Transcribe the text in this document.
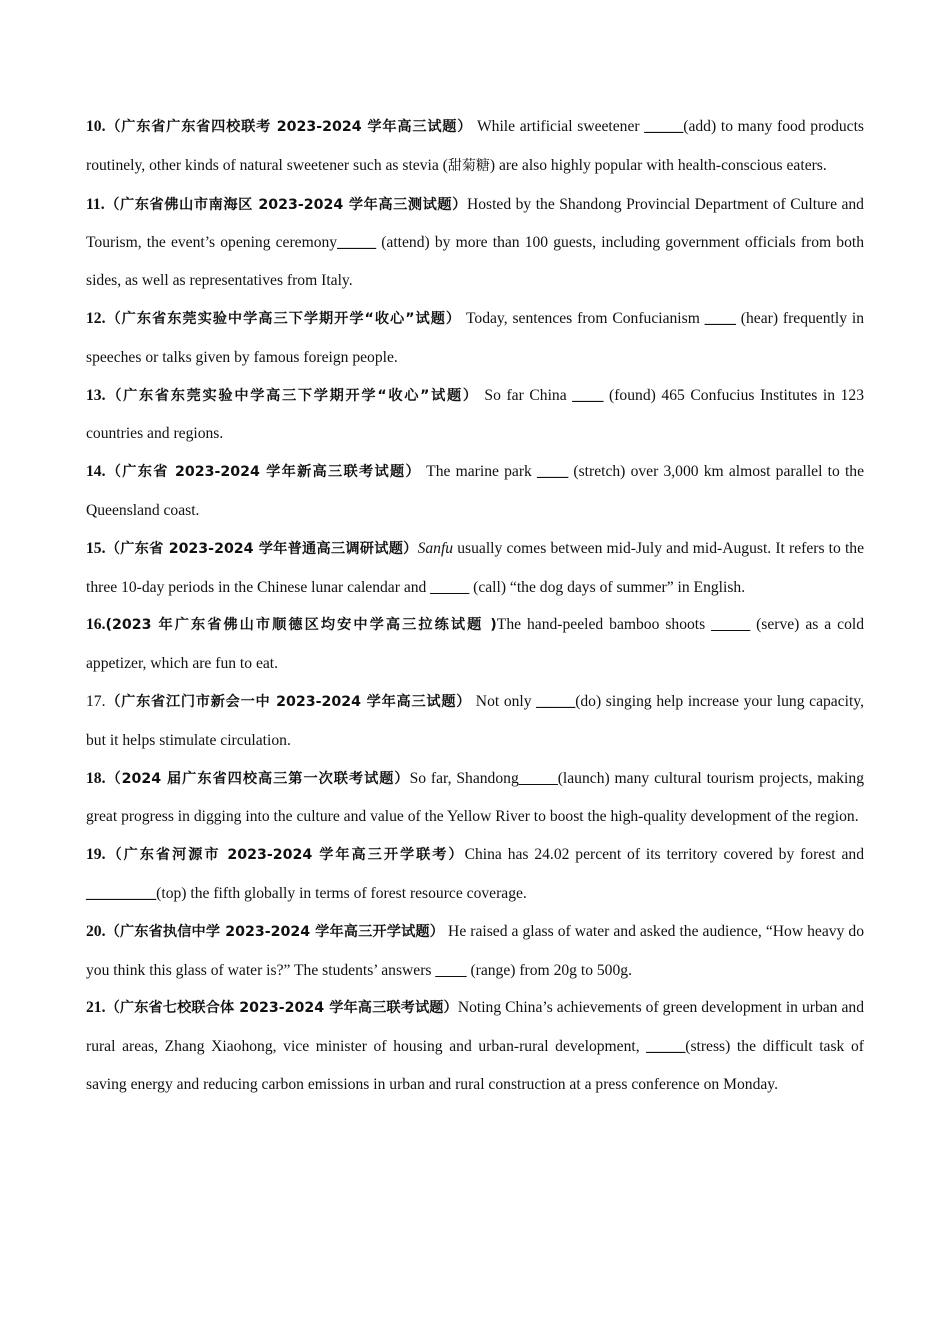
10.（广东省广东省四校联考 2023-2024 学年高三试题） While artificial sweetener _____(add) to many food products routinely, other kinds of natural sweetener such as stevia (甜菊糖) are also highly popular with health-conscious eaters.

11.（广东省佛山市南海区 2023-2024 学年高三测试题）Hosted by the Shandong Provincial Department of Culture and Tourism, the event’s opening ceremony_____ (attend) by more than 100 guests, including government officials from both sides, as well as representatives from Italy.

12.（广东省东莞实验中学高三下学期开学“收心”试题） Today, sentences from Confucianism ____ (hear) frequently in speeches or talks given by famous foreign people.

13.（广东省东莞实验中学高三下学期开学“收心”试题） So far China ____ (found) 465 Confucius Institutes in 123 countries and regions.

14.（广东省 2023-2024 学年新高三联考试题） The marine park ____ (stretch) over 3,000 km almost parallel to the Queensland coast.

15.（广东省 2023-2024 学年普通高三调研试题）Sanfu usually comes between mid-July and mid-August. It refers to the three 10-day periods in the Chinese lunar calendar and _____ (call) “the dog days of summer” in English.

16.(2023 年广东省佛山市顺德区均安中学高三拉练试题 )The hand-peeled bamboo shoots _____ (serve) as a cold appetizer, which are fun to eat.

17.（广东省江门市新会一中 2023-2024 学年高三试题） Not only _____(do) singing help increase your lung capacity, but it helps stimulate circulation.

18.（2024 届广东省四校高三第一次联考试题）So far, Shandong_____(launch) many cultural tourism projects, making great progress in digging into the culture and value of the Yellow River to boost the high-quality development of the region.

19.（广东省河源市 2023-2024 学年高三开学联考）China has 24.02 percent of its territory covered by forest and _________(top) the fifth globally in terms of forest resource coverage.

20.（广东省执信中学 2023-2024 学年高三开学试题） He raised a glass of water and asked the audience, “How heavy do you think this glass of water is?” The students’ answers ____ (range) from 20g to 500g.

21.（广东省七校联合体 2023-2024 学年高三联考试题）Noting China’s achievements of green development in urban and rural areas, Zhang Xiaohong, vice minister of housing and urban-rural development, _____(stress) the difficult task of saving energy and reducing carbon emissions in urban and rural construction at a press conference on Monday.
